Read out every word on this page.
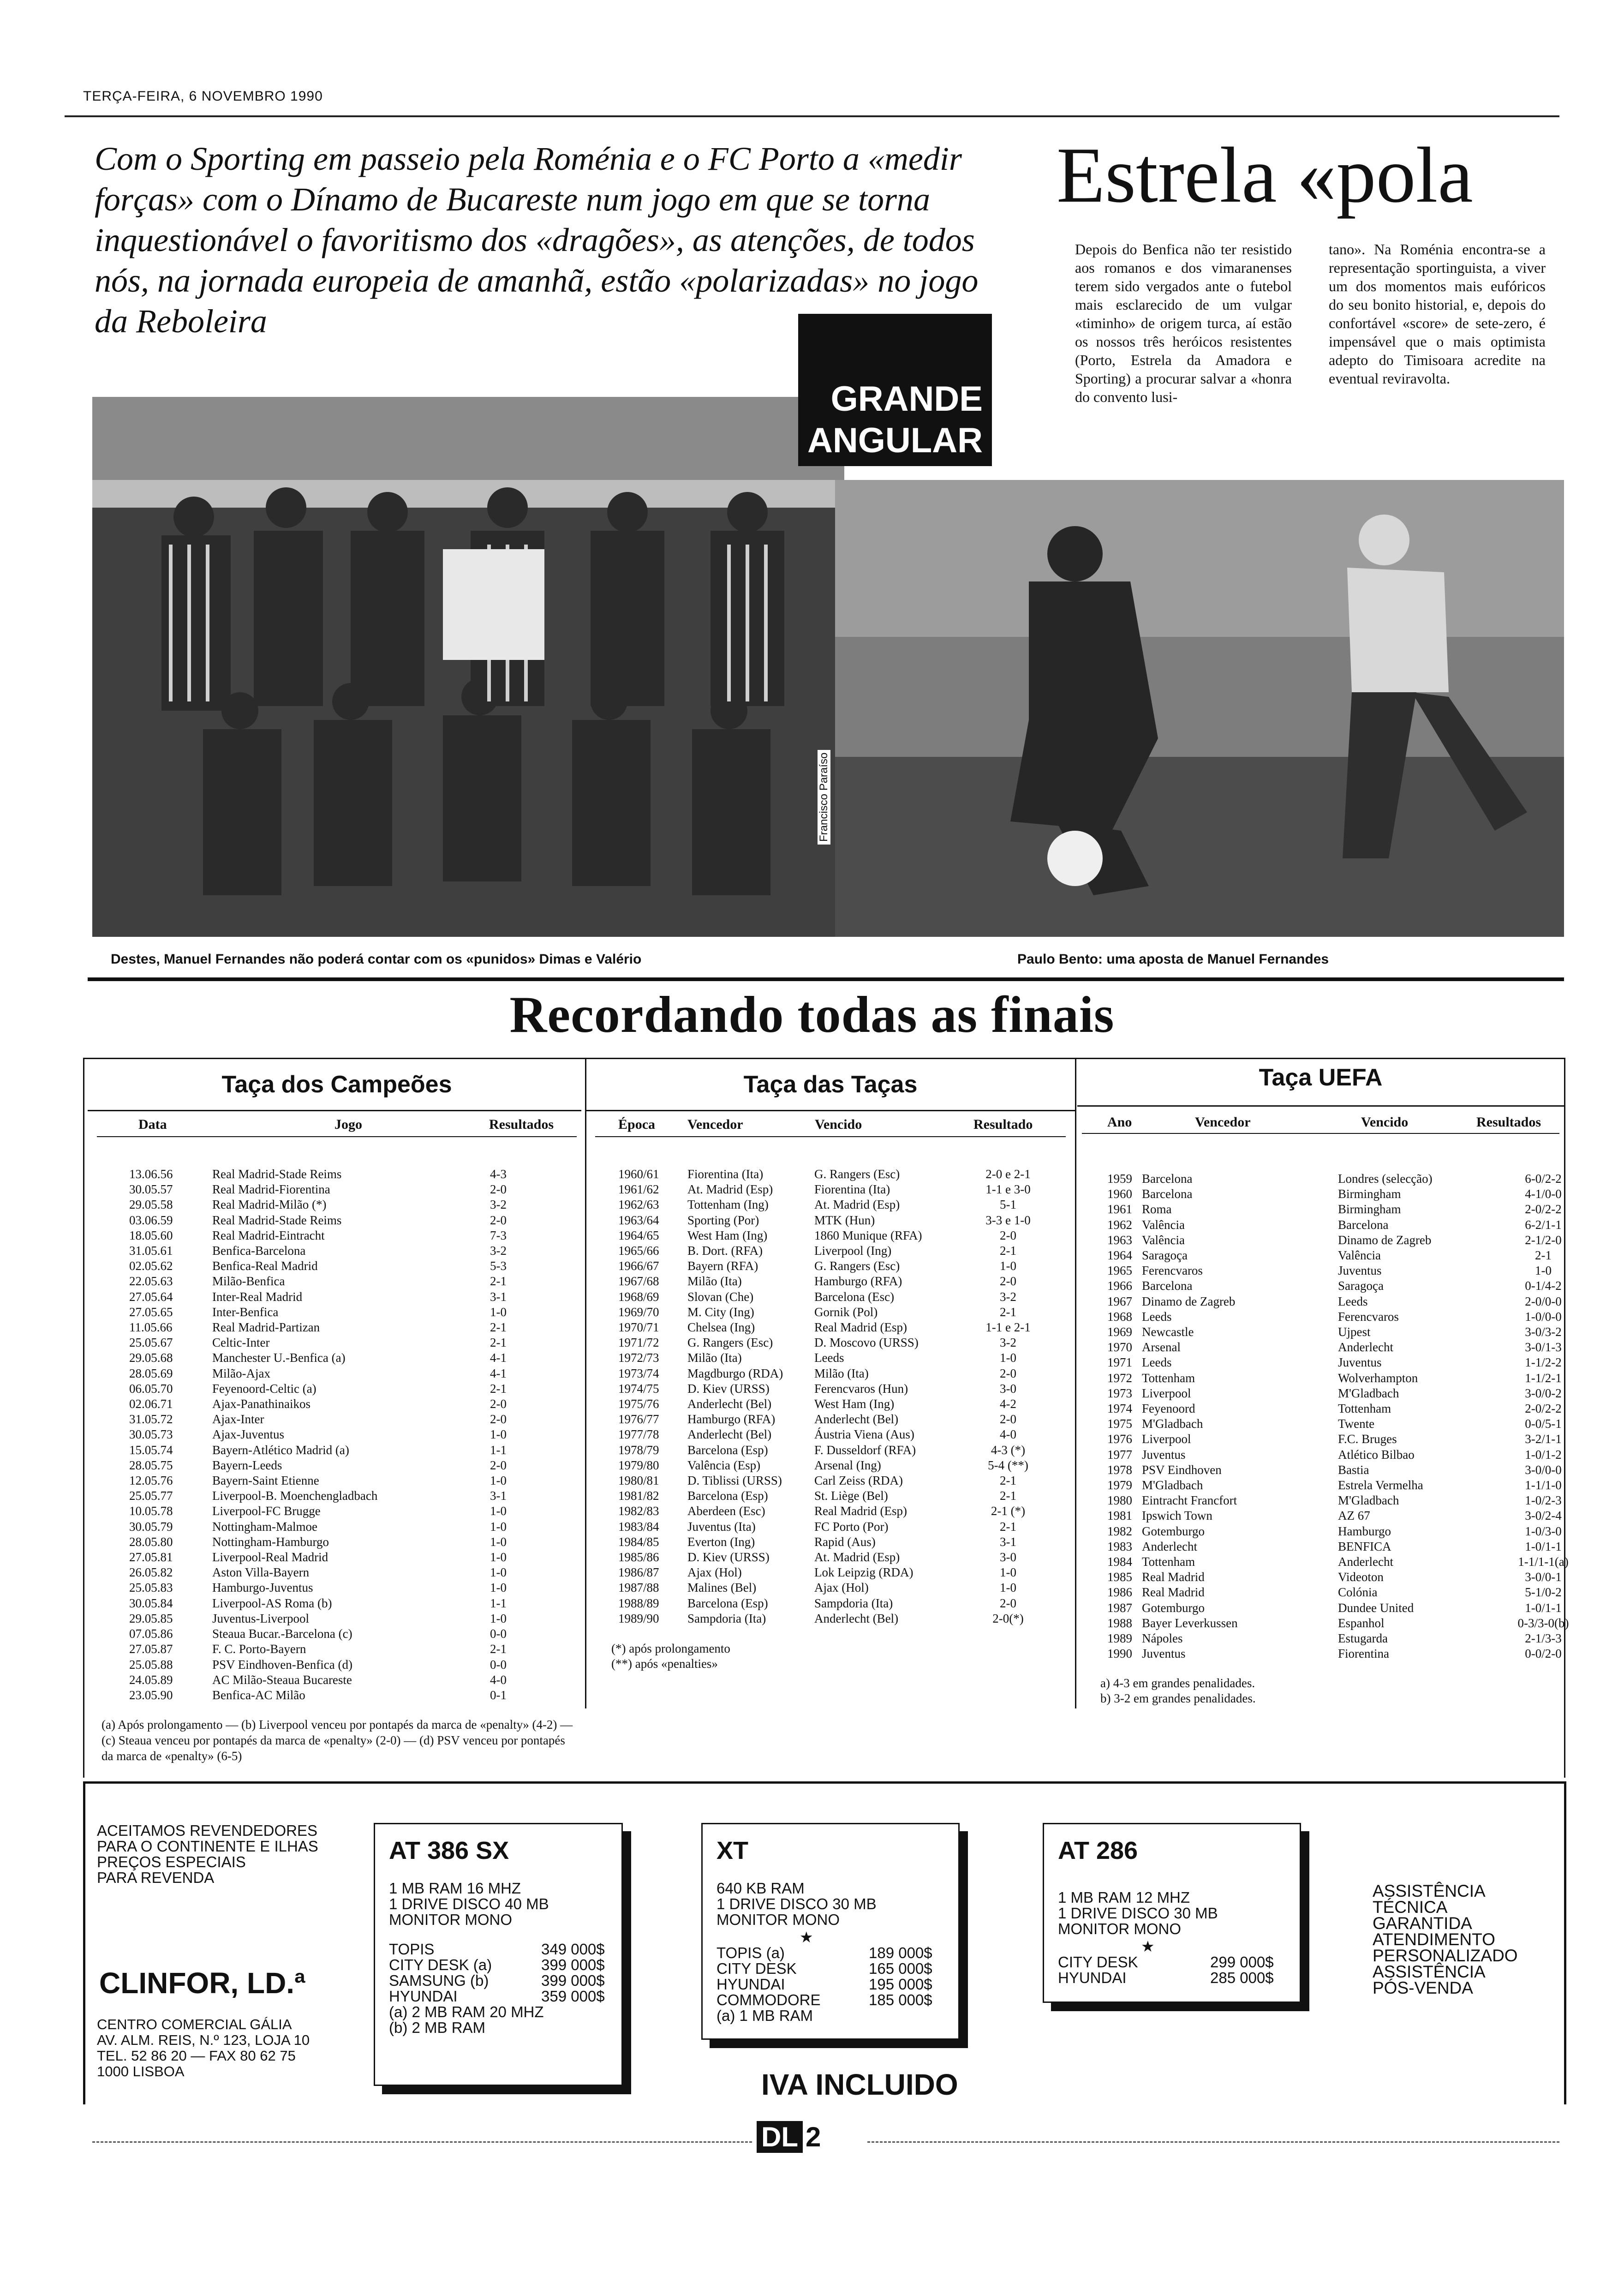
TERÇA-FEIRA, 6 NOVEMBRO 1990
Com o Sporting em passeio pela Roménia e o FC Porto a «medir forças» com o Dínamo de Bucareste num jogo em que se torna inquestionável o favoritismo dos «dragões», as atenções, de todos nós, na jornada europeia de amanhã, estão «polarizadas» no jogo da Reboleira
Estrela «pola
Depois do Benfica não ter resistido aos romanos e dos vimaranenses terem sido vergados ante o futebol mais esclarecido de um vulgar «timinho» de origem turca, aí estão os nossos três heróicos resistentes (Porto, Estrela da Amadora e Sporting) a procurar salvar a «honra do convento lusi-
tano». Na Roménia encontra-se a representação sportinguista, a viver um dos momentos mais eufóricos do seu bonito historial, e, depois do confortável «score» de sete-zero, é impensável que o mais optimista adepto do Timisoara acredite na eventual reviravolta.
GRANDE
ANGULAR
Francisco Paraíso
Destes, Manuel Fernandes não poderá contar com os «punidos» Dimas e Valério	Paulo Bento: uma aposta de Manuel Fernandes
Recordando todas as finais
Taça dos Campeões
Data	Jogo	Resultados
13.06.56	Real Madrid-Stade Reims	4-3
30.05.57	Real Madrid-Fiorentina	2-0
29.05.58	Real Madrid-Milão (*)	3-2
03.06.59	Real Madrid-Stade Reims	2-0
18.05.60	Real Madrid-Eintracht	7-3
31.05.61	Benfica-Barcelona	3-2
02.05.62	Benfica-Real Madrid	5-3
22.05.63	Milão-Benfica	2-1
27.05.64	Inter-Real Madrid	3-1
27.05.65	Inter-Benfica	1-0
11.05.66	Real Madrid-Partizan	2-1
25.05.67	Celtic-Inter	2-1
29.05.68	Manchester U.-Benfica (a)	4-1
28.05.69	Milão-Ajax	4-1
06.05.70	Feyenoord-Celtic (a)	2-1
02.06.71	Ajax-Panathinaikos	2-0
31.05.72	Ajax-Inter	2-0
30.05.73	Ajax-Juventus	1-0
15.05.74	Bayern-Atlético Madrid (a)	1-1
28.05.75	Bayern-Leeds	2-0
12.05.76	Bayern-Saint Etienne	1-0
25.05.77	Liverpool-B. Moenchengladbach	3-1
10.05.78	Liverpool-FC Brugge	1-0
30.05.79	Nottingham-Malmoe	1-0
28.05.80	Nottingham-Hamburgo	1-0
27.05.81	Liverpool-Real Madrid	1-0
26.05.82	Aston Villa-Bayern	1-0
25.05.83	Hamburgo-Juventus	1-0
30.05.84	Liverpool-AS Roma (b)	1-1
29.05.85	Juventus-Liverpool	1-0
07.05.86	Steaua Bucar.-Barcelona (c)	0-0
27.05.87	F. C. Porto-Bayern	2-1
25.05.88	PSV Eindhoven-Benfica (d)	0-0
24.05.89	AC Milão-Steaua Bucareste	4-0
23.05.90	Benfica-AC Milão	0-1
(a) Após prolongamento — (b) Liverpool venceu por pontapés da marca de «penalty» (4-2) — (c) Steaua venceu por pontapés da marca de «penalty» (2-0) — (d) PSV venceu por pontapés da marca de «penalty» (6-5)
Taça das Taças
Época Vencedor	Vencido	Resultado
1960/61	Fiorentina (Ita)	G. Rangers (Esc)	2-0 e 2-1
1961/62	At. Madrid (Esp)	Fiorentina (Ita)	1-1 e 3-0
1962/63	Tottenham (Ing)	At. Madrid (Esp)	5-1
1963/64	Sporting (Por)	MTK (Hun)	3-3 e 1-0
1964/65	West Ham (Ing)	1860 Munique (RFA)	2-0
1965/66	B. Dort. (RFA)	Liverpool (Ing)	2-1
1966/67	Bayern (RFA)	G. Rangers (Esc)	1-0
1967/68	Milão (Ita)	Hamburgo (RFA)	2-0
1968/69	Slovan (Che)	Barcelona (Esc)	3-2
1969/70	M. City (Ing)	Gornik (Pol)	2-1
1970/71	Chelsea (Ing)	Real Madrid (Esp)	1-1 e 2-1
1971/72	G. Rangers (Esc)	D. Moscovo (URSS)	3-2
1972/73	Milão (Ita)	Leeds	1-0
1973/74	Magdburgo (RDA)	Milão (Ita)	2-0
1974/75	D. Kiev (URSS)	Ferencvaros (Hun)	3-0
1975/76	Anderlecht (Bel)	West Ham (Ing)	4-2
1976/77	Hamburgo (RFA)	Anderlecht (Bel)	2-0
1977/78	Anderlecht (Bel)	Áustria Viena (Aus)	4-0
1978/79	Barcelona (Esp)	F. Dusseldorf (RFA)	4-3 (*)
1979/80	Valência (Esp)	Arsenal (Ing)	5-4 (**)
1980/81	D. Tiblissi (URSS)	Carl Zeiss (RDA)	2-1
1981/82	Barcelona (Esp)	St. Liège (Bel)	2-1
1982/83	Aberdeen (Esc)	Real Madrid (Esp)	2-1 (*)
1983/84	Juventus (Ita)	FC Porto (Por)	2-1
1984/85	Everton (Ing)	Rapid (Aus)	3-1
1985/86	D. Kiev (URSS)	At. Madrid (Esp)	3-0
1986/87	Ajax (Hol)	Lok Leipzig (RDA)	1-0
1987/88	Malines (Bel)	Ajax (Hol)	1-0
1988/89	Barcelona (Esp)	Sampdoria (Ita)	2-0
1989/90	Sampdoria (Ita)	Anderlecht (Bel)	2-0(*)
(*) após prolongamento
(**) após «penalties»
Taça UEFA
Ano	Vencedor	Vencido	Resultados
1959	Barcelona	Londres (selecção)	6-0/2-2
1960	Barcelona	Birmingham	4-1/0-0
1961	Roma	Birmingham	2-0/2-2
1962	Valência	Barcelona	6-2/1-1
1963	Valência	Dinamo de Zagreb	2-1/2-0
1964	Saragoça	Valência	2-1
1965	Ferencvaros	Juventus	1-0
1966	Barcelona	Saragoça	0-1/4-2
1967	Dinamo de Zagreb	Leeds	2-0/0-0
1968	Leeds	Ferencvaros	1-0/0-0
1969	Newcastle	Ujpest	3-0/3-2
1970	Arsenal	Anderlecht	3-0/1-3
1971	Leeds	Juventus	1-1/2-2
1972	Tottenham	Wolverhampton	1-1/2-1
1973	Liverpool	M'Gladbach	3-0/0-2
1974	Feyenoord	Tottenham	2-0/2-2
1975	M'Gladbach	Twente	0-0/5-1
1976	Liverpool	F.C. Bruges	3-2/1-1
1977	Juventus	Atlético Bilbao	1-0/1-2
1978	PSV Eindhoven	Bastia	3-0/0-0
1979	M'Gladbach	Estrela Vermelha	1-1/1-0
1980	Eintracht Francfort	M'Gladbach	1-0/2-3
1981	Ipswich Town	AZ 67	3-0/2-4
1982	Gotemburgo	Hamburgo	1-0/3-0
1983	Anderlecht	BENFICA	1-0/1-1
1984	Tottenham	Anderlecht	1-1/1-1(a)
1985	Real Madrid	Videoton	3-0/0-1
1986	Real Madrid	Colónia	5-1/0-2
1987	Gotemburgo	Dundee United	1-0/1-1
1988	Bayer Leverkussen	Espanhol	0-3/3-0(b)
1989	Nápoles	Estugarda	2-1/3-3
1990	Juventus	Fiorentina	0-0/2-0
a) 4-3 em grandes penalidades.
b) 3-2 em grandes penalidades.
ACEITAMOS REVENDEDORES
PARA O CONTINENTE E ILHAS
PREÇOS ESPECIAIS
PARA REVENDA
CLINFOR, LD.ª
CENTRO COMERCIAL GÁLIA
AV. ALM. REIS, N.º 123, LOJA 10
TEL. 52 86 20 — FAX 80 62 75
1000 LISBOA
AT 386 SX
1 MB RAM 16 MHZ
1 DRIVE DISCO 40 MB
MONITOR MONO
TOPIS	349 000$
CITY DESK (a)	399 000$
SAMSUNG (b)	399 000$
HYUNDAI	359 000$
(a) 2 MB RAM 20 MHZ
(b) 2 MB RAM
XT
640 KB RAM
1 DRIVE DISCO 30 MB
MONITOR MONO
★
TOPIS (a)	189 000$
CITY DESK	165 000$
HYUNDAI	195 000$
COMMODORE	185 000$
(a) 1 MB RAM
AT 286
1 MB RAM 12 MHZ
1 DRIVE DISCO 30 MB
MONITOR MONO
★
CITY DESK	299 000$
HYUNDAI	285 000$
ASSISTÊNCIA
TÉCNICA
GARANTIDA
ATENDIMENTO
PERSONALIZADO
ASSISTÊNCIA
PÓS-VENDA
IVA INCLUIDO
DL 2
